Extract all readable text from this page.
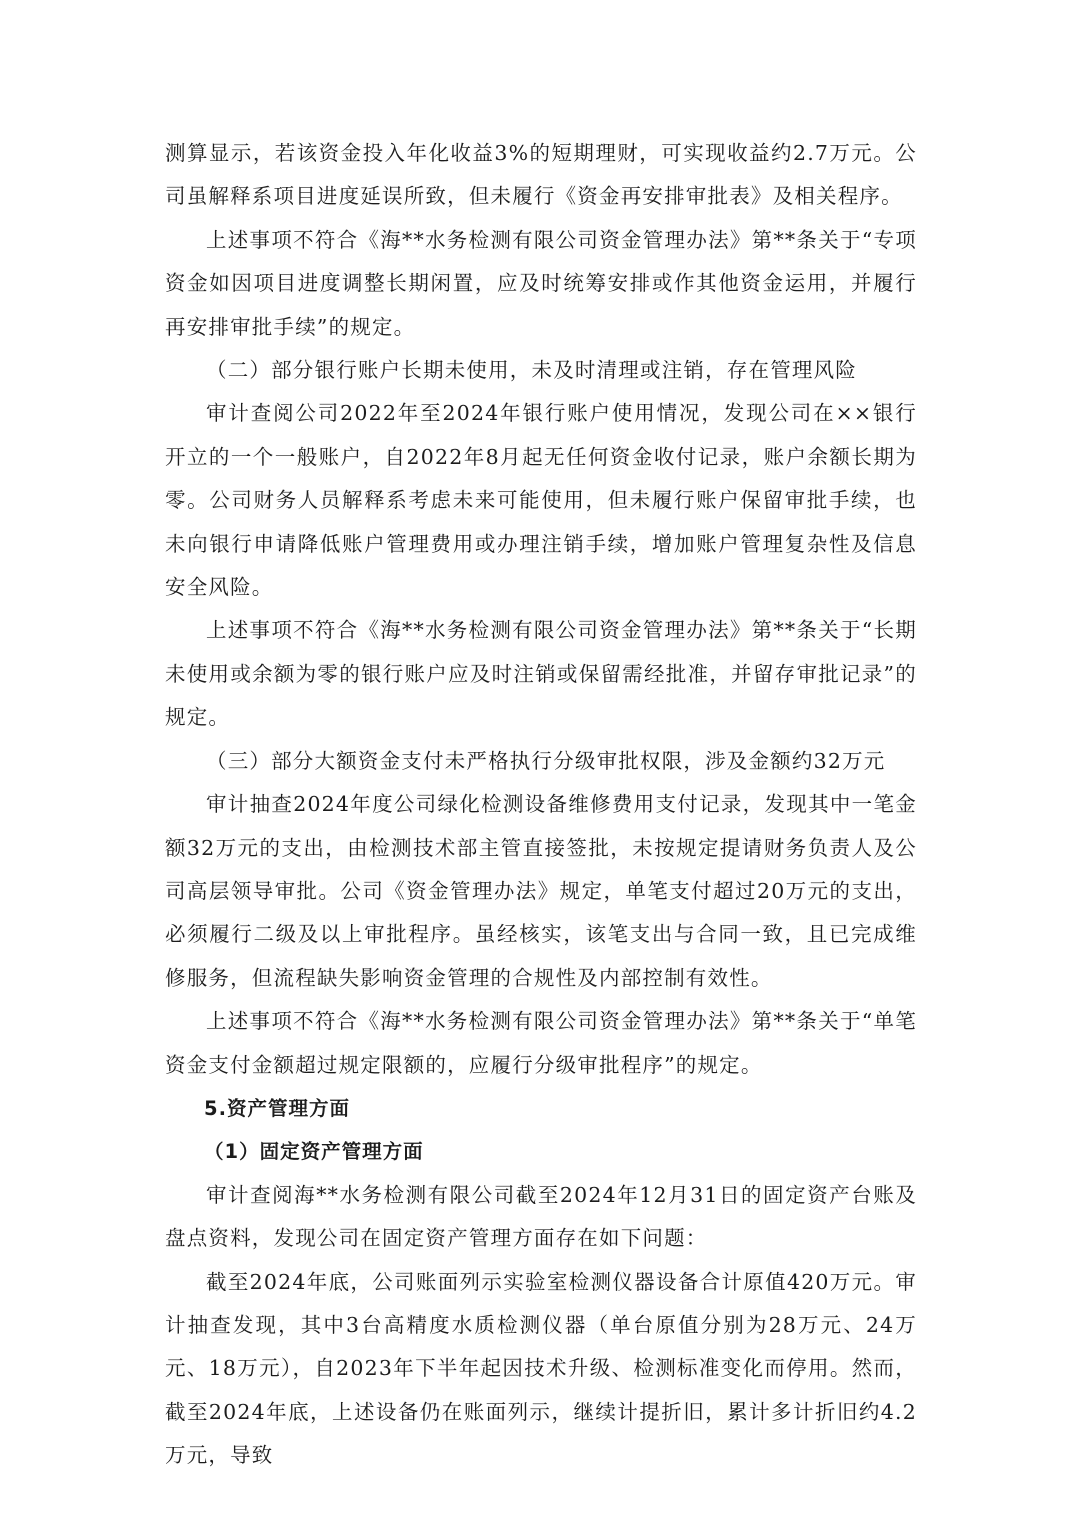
测算显示，若该资金投入年化收益3%的短期理财，可实现收益约2.7万元。公司虽解释系项目进度延误所致，但未履行《资金再安排审批表》及相关程序。

上述事项不符合《海**水务检测有限公司资金管理办法》第**条关于“专项资金如因项目进度调整长期闲置，应及时统筹安排或作其他资金运用，并履行再安排审批手续”的规定。

（二）部分银行账户长期未使用，未及时清理或注销，存在管理风险

审计查阅公司2022年至2024年银行账户使用情况，发现公司在××银行开立的一个一般账户，自2022年8月起无任何资金收付记录，账户余额长期为零。公司财务人员解释系考虑未来可能使用，但未履行账户保留审批手续，也未向银行申请降低账户管理费用或办理注销手续，增加账户管理复杂性及信息安全风险。

上述事项不符合《海**水务检测有限公司资金管理办法》第**条关于“长期未使用或余额为零的银行账户应及时注销或保留需经批准，并留存审批记录”的规定。

（三）部分大额资金支付未严格执行分级审批权限，涉及金额约32万元

审计抽查2024年度公司绿化检测设备维修费用支付记录，发现其中一笔金额32万元的支出，由检测技术部主管直接签批，未按规定提请财务负责人及公司高层领导审批。公司《资金管理办法》规定，单笔支付超过20万元的支出，必须履行二级及以上审批程序。虽经核实，该笔支出与合同一致，且已完成维修服务，但流程缺失影响资金管理的合规性及内部控制有效性。

上述事项不符合《海**水务检测有限公司资金管理办法》第**条关于“单笔资金支付金额超过规定限额的，应履行分级审批程序”的规定。

5.资产管理方面

（1）固定资产管理方面

审计查阅海**水务检测有限公司截至2024年12月31日的固定资产台账及盘点资料，发现公司在固定资产管理方面存在如下问题：

截至2024年底，公司账面列示实验室检测仪器设备合计原值420万元。审计抽查发现，其中3台高精度水质检测仪器（单台原值分别为28万元、24万元、18万元），自2023年下半年起因技术升级、检测标准变化而停用。然而，截至2024年底，上述设备仍在账面列示，继续计提折旧，累计多计折旧约4.2万元，导致
